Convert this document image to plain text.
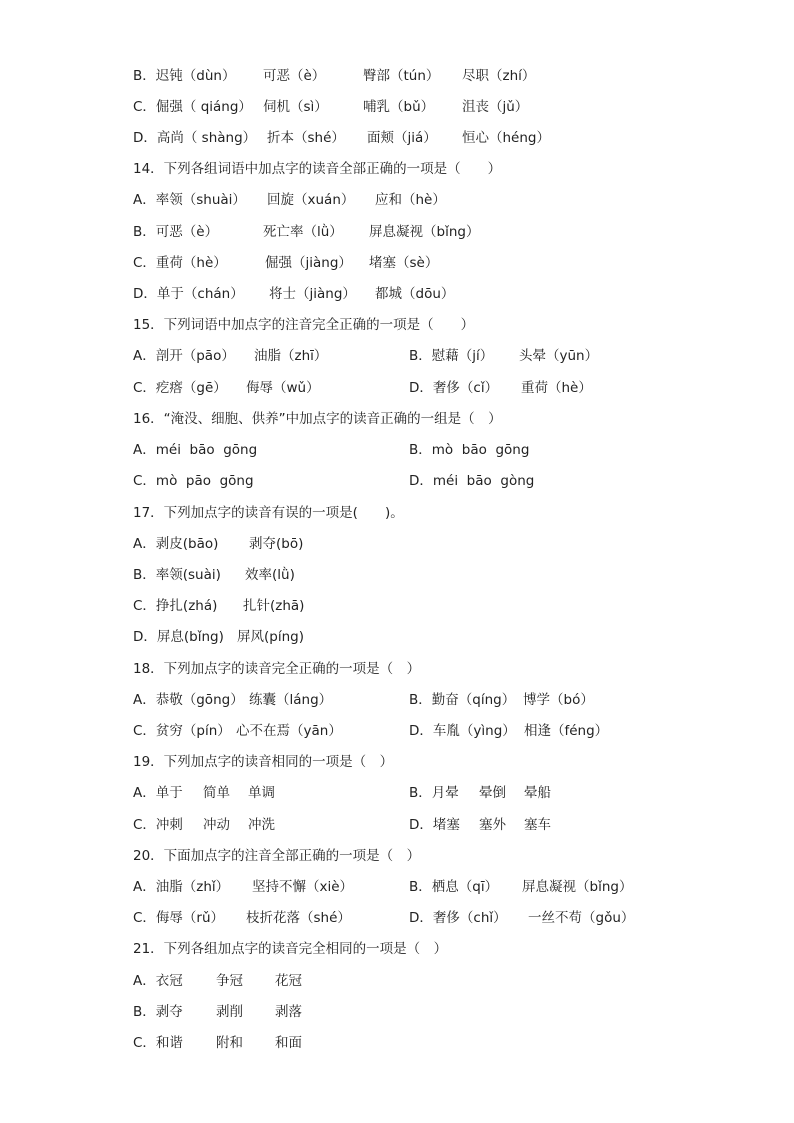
B．迟钝（dùn） 可恶（è）	臀部（tún） 尽职（zhí）
C．倔强（ qiáng） 伺机（sì）	哺乳（bǔ） 沮丧（jǔ）
D．高尚（ shàng） 折本（shé） 面颊（jiá） 恒心（héng）
14．下列各组词语中加点字的读音全部正确的一项是（　　）
A．率领（shuài） 回旋（xuán） 应和（hè）
B．可恶（è）	死亡率（lǜ） 屏息凝视（bǐng）
C．重荷（hè）	倔强（jiàng） 堵塞（sè）
D．单于（chán） 将士（jiàng） 都城（dōu）
15．下列词语中加点字的注音完全正确的一项是（　　）
A．剖开（pāo） 油脂（zhī）	B．慰藉（jí） 头晕（yūn）
C．疙瘩（gē） 侮辱（wǔ）	D．奢侈（cǐ） 重荷（hè）
16．“淹没、细胞、供养”中加点字的读音正确的一组是（　）
A．méi  bāo  gōng	B．mò  bāo  gōng
C．mò  pāo  gōng	D．méi  bāo  gòng
17．下列加点字的读音有误的一项是(　　)。
A．剥皮(bāo) 剥夺(bō)
B．率领(suài) 效率(lǜ)
C．挣扎(zhá) 扎针(zhā)
D．屏息(bǐng) 屏风(píng)
18．下列加点字的读音完全正确的一项是（　）
A．恭敬（gōng） 练囊（láng）	B．勤奋（qíng） 博学（bó）
C．贫穷（pín） 心不在焉（yān）	D．车胤（yìng） 相逢（féng）
19．下列加点字的读音相同的一项是（　）
A．单于 简单 单调	B．月晕 晕倒 晕船
C．冲刺 冲动 冲洗	D．堵塞 塞外 塞车
20．下面加点字的注音全部正确的一项是（　）
A．油脂（zhǐ） 坚持不懈（xiè）	B．栖息（qī） 屏息凝视（bǐng）
C．侮辱（rǔ） 枝折花落（shé）	D．奢侈（chǐ） 一丝不苟（gǒu）
21．下列各组加点字的读音完全相同的一项是（　）
A．衣冠 争冠 花冠
B．剥夺 剥削 剥落
C．和谐 附和 和面
